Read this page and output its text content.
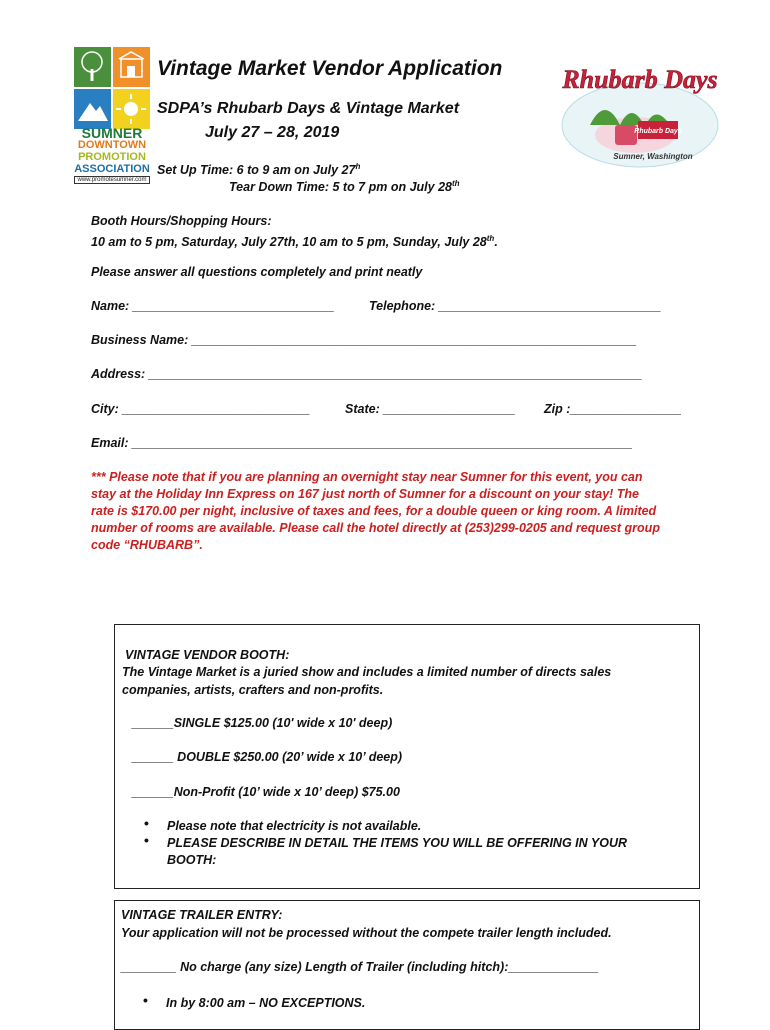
SUMNER
DOWNTOWN
PROMOTION
ASSOCIATION
www.promotesumner.com
Vintage Market Vendor Application
SDPA’s Rhubarb Days & Vintage Market
July 27 – 28, 2019
Set Up Time: 6 to 9 am on July 27$^h$
Tear Down Time: 5 to 7 pm on July 28th
Rhubarb Days
Rhubarb Days
Sumner, Washington
Booth Hours/Shopping Hours:
10 am to 5 pm, Saturday, July 27th, 10 am to 5 pm, Sunday, July 28th.
Please answer all questions completely and print neatly
Name: _____________________________	Telephone: ________________________________
Business Name: ________________________________________________________________
Address: _______________________________________________________________________
City: ___________________________	State: ___________________ Zip :________________
Email: ________________________________________________________________________
*** Please note that if you are planning an overnight stay near Sumner for this event, you can
stay at the Holiday Inn Express on 167 just north of Sumner for a discount on your stay! The
rate is $170.00 per night, inclusive of taxes and fees, for a double queen or king room. A limited
number of rooms are available. Please call the hotel directly at (253)299-0205 and request group
code “RHUBARB”.
VINTAGE VENDOR BOOTH:
The Vintage Market is a juried show and includes a limited number of directs sales
companies, artists, crafters and non-profits.
______SINGLE $125.00 (10' wide x 10' deep)
______ DOUBLE $250.00 (20’ wide x 10’ deep)
______Non-Profit (10’ wide x 10’ deep) $75.00
• Please note that electricity is not available.
• PLEASE DESCRIBE IN DETAIL THE ITEMS YOU WILL BE OFFERING IN YOUR
BOOTH:
VINTAGE TRAILER ENTRY:
Your application will not be processed without the compete trailer length included.
________ No charge (any size) Length of Trailer (including hitch):_____________
• In by 8:00 am – NO EXCEPTIONS.
